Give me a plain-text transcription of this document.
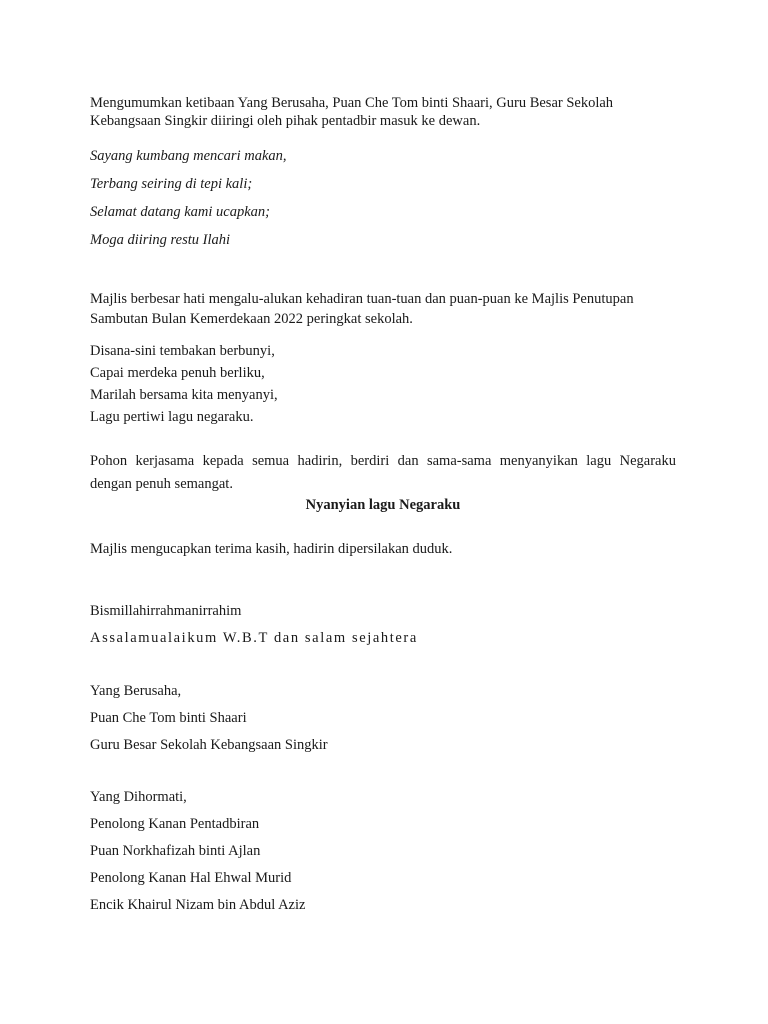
Mengumumkan ketibaan Yang Berusaha, Puan Che Tom binti Shaari, Guru Besar Sekolah
Kebangsaan Singkir diiringi oleh pihak pentadbir masuk ke dewan.
Sayang kumbang mencari makan,
Terbang seiring di tepi kali;
Selamat datang kami ucapkan;
Moga diiring restu Ilahi
Majlis berbesar hati mengalu-alukan kehadiran tuan-tuan dan puan-puan ke Majlis Penutupan
Sambutan Bulan Kemerdekaan 2022 peringkat sekolah.
Disana-sini tembakan berbunyi,
Capai merdeka penuh berliku,
Marilah bersama kita menyanyi,
Lagu pertiwi lagu negaraku.
Pohon kerjasama kepada semua hadirin, berdiri dan sama-sama menyanyikan lagu Negaraku
dengan penuh semangat.
Nyanyian lagu Negaraku
Majlis mengucapkan terima kasih, hadirin dipersilakan duduk.
Bismillahirrahmanirrahim
Assalamualaikum W.B.T dan salam sejahtera
Yang Berusaha,
Puan Che Tom binti Shaari
Guru Besar Sekolah Kebangsaan Singkir
Yang Dihormati,
Penolong Kanan Pentadbiran
Puan Norkhafizah binti Ajlan
Penolong Kanan Hal Ehwal Murid
Encik Khairul Nizam bin Abdul Aziz
